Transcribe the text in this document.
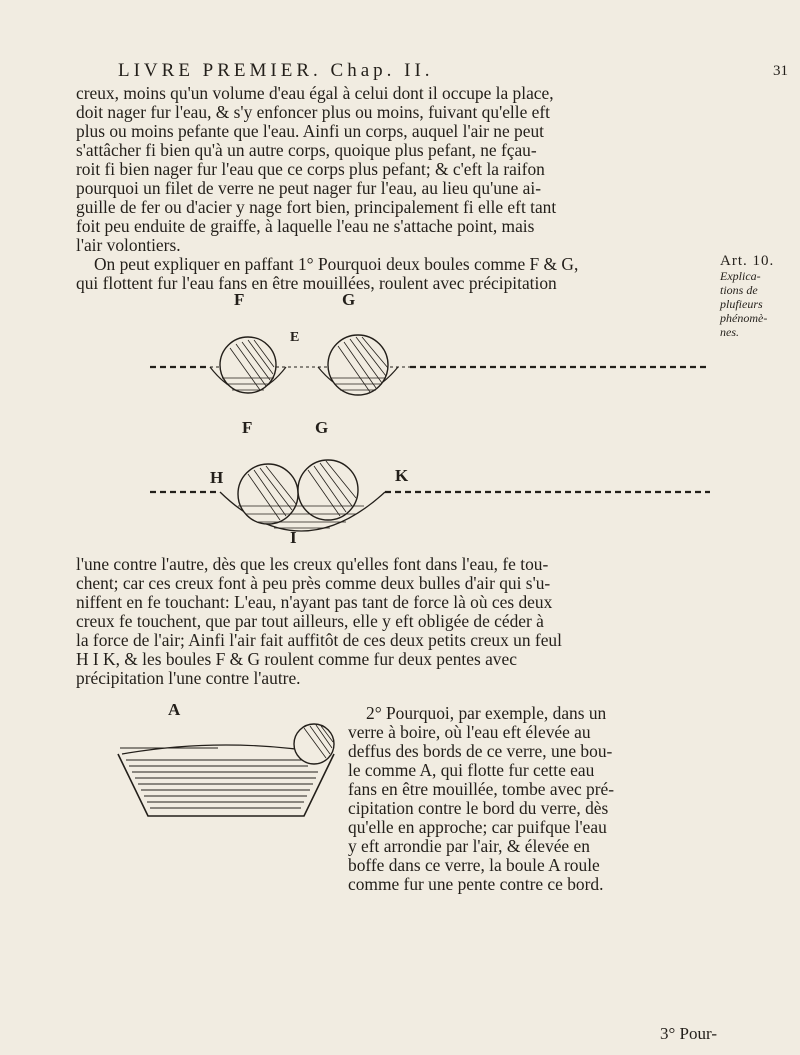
LIVRE PREMIER. Chap. II.	31

creux, moins qu'un volume d'eau égal à celui dont il occupe la place,

doit nager fur l'eau, & s'y enfoncer plus ou moins, fuivant qu'elle eft

plus ou moins pefante que l'eau. Ainfi un corps, auquel l'air ne peut

s'attâcher fi bien qu'à un autre corps, quoique plus pefant, ne fçau-

roit fi bien nager fur l'eau que ce corps plus pefant; & c'eft la raifon

pourquoi un filet de verre ne peut nager fur l'eau, au lieu qu'une ai-

guille de fer ou d'acier y nage fort bien, principalement fi elle eft tant

foit peu enduite de graiffe, à laquelle l'eau ne s'attache point, mais

l'air volontiers.

On peut expliquer en paffant 1° Pourquoi deux boules comme F & G,

qui flottent fur l'eau fans en être mouillées, roulent avec précipitation

Art. 10.
Explica-
tions de
plufieurs
phénomè-
nes.
F	G
E
F	G
H	K
I

l'une contre l'autre, dès que les creux qu'elles font dans l'eau, fe tou-

chent; car ces creux font à peu près comme deux bulles d'air qui s'u-

niffent en fe touchant: L'eau, n'ayant pas tant de force là où ces deux

creux fe touchent, que par tout ailleurs, elle y eft obligée de céder à

la force de l'air; Ainfi l'air fait auffitôt de ces deux petits creux un feul

H I K, & les boules F & G roulent comme fur deux pentes avec

précipitation l'une contre l'autre.

A	2° Pourquoi, par exemple, dans un

verre à boire, où l'eau eft élevée au

deffus des bords de ce verre, une bou-

le comme A, qui flotte fur cette eau

fans en être mouillée, tombe avec pré-

cipitation contre le bord du verre, dès

qu'elle en approche; car puifque l'eau

y eft arrondie par l'air, & élevée en

boffe dans ce verre, la boule A roule

comme fur une pente contre ce bord.

3° Pour-
